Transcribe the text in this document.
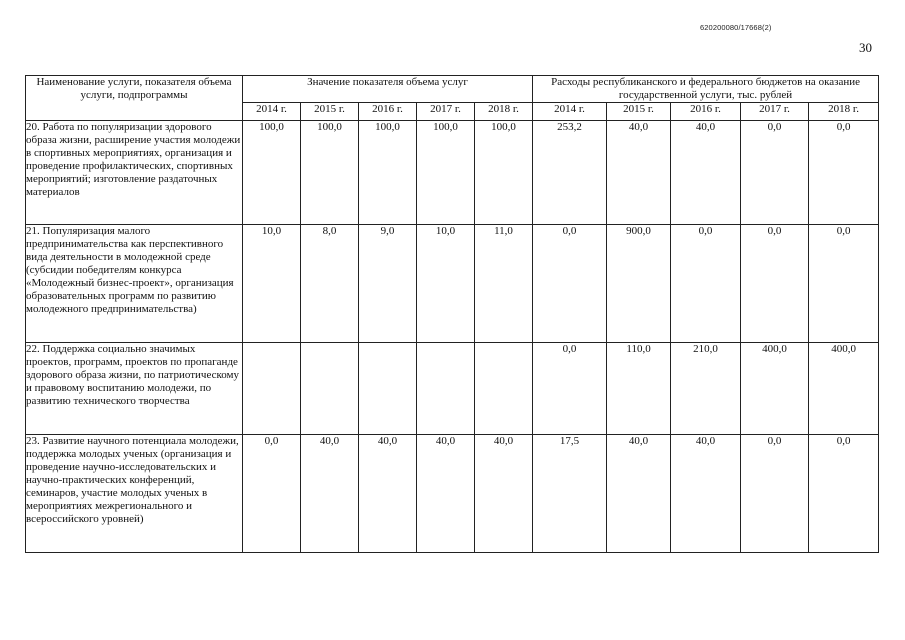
620200080/17668(2)
30
Наименование услуги, показателя объема услуги, подпрограммы	Значение показателя объема услуг					Расходы республиканского и федерального бюджетов на оказание государственной услуги, тыс. рублей				
	2014 г.	2015 г.	2016 г.	2017 г.	2018 г.	2014 г.	2015 г.	2016 г.	2017 г.	2018 г.
20. Работа по популяризации здорового образа жизни, расширение участия молодежи в спортивных мероприятиях, организация и проведение профилактических, спортивных мероприятий; изготовление раздаточных материалов	100,0	100,0	100,0	100,0	100,0	253,2	40,0	40,0	0,0	0,0
21. Популяризация малого предпринимательства как перспективного вида деятельности в молодежной среде (субсидии победителям конкурса «Молодежный бизнес-проект», организация образовательных программ по развитию молодежного предпринимательства)	10,0	8,0	9,0	10,0	11,0	0,0	900,0	0,0	0,0	0,0
22. Поддержка социально значимых проектов, программ, проектов по пропаганде здорового образа жизни, по патриотическому и правовому воспитанию молодежи, по развитию технического творчества						0,0	110,0	210,0	400,0	400,0
23. Развитие научного потенциала молодежи, поддержка молодых ученых (организация и проведение научно-исследовательских и научно-практических конференций, семинаров, участие молодых ученых в мероприятиях межрегионального и всероссийского уровней)	0,0	40,0	40,0	40,0	40,0	17,5	40,0	40,0	0,0	0,0
